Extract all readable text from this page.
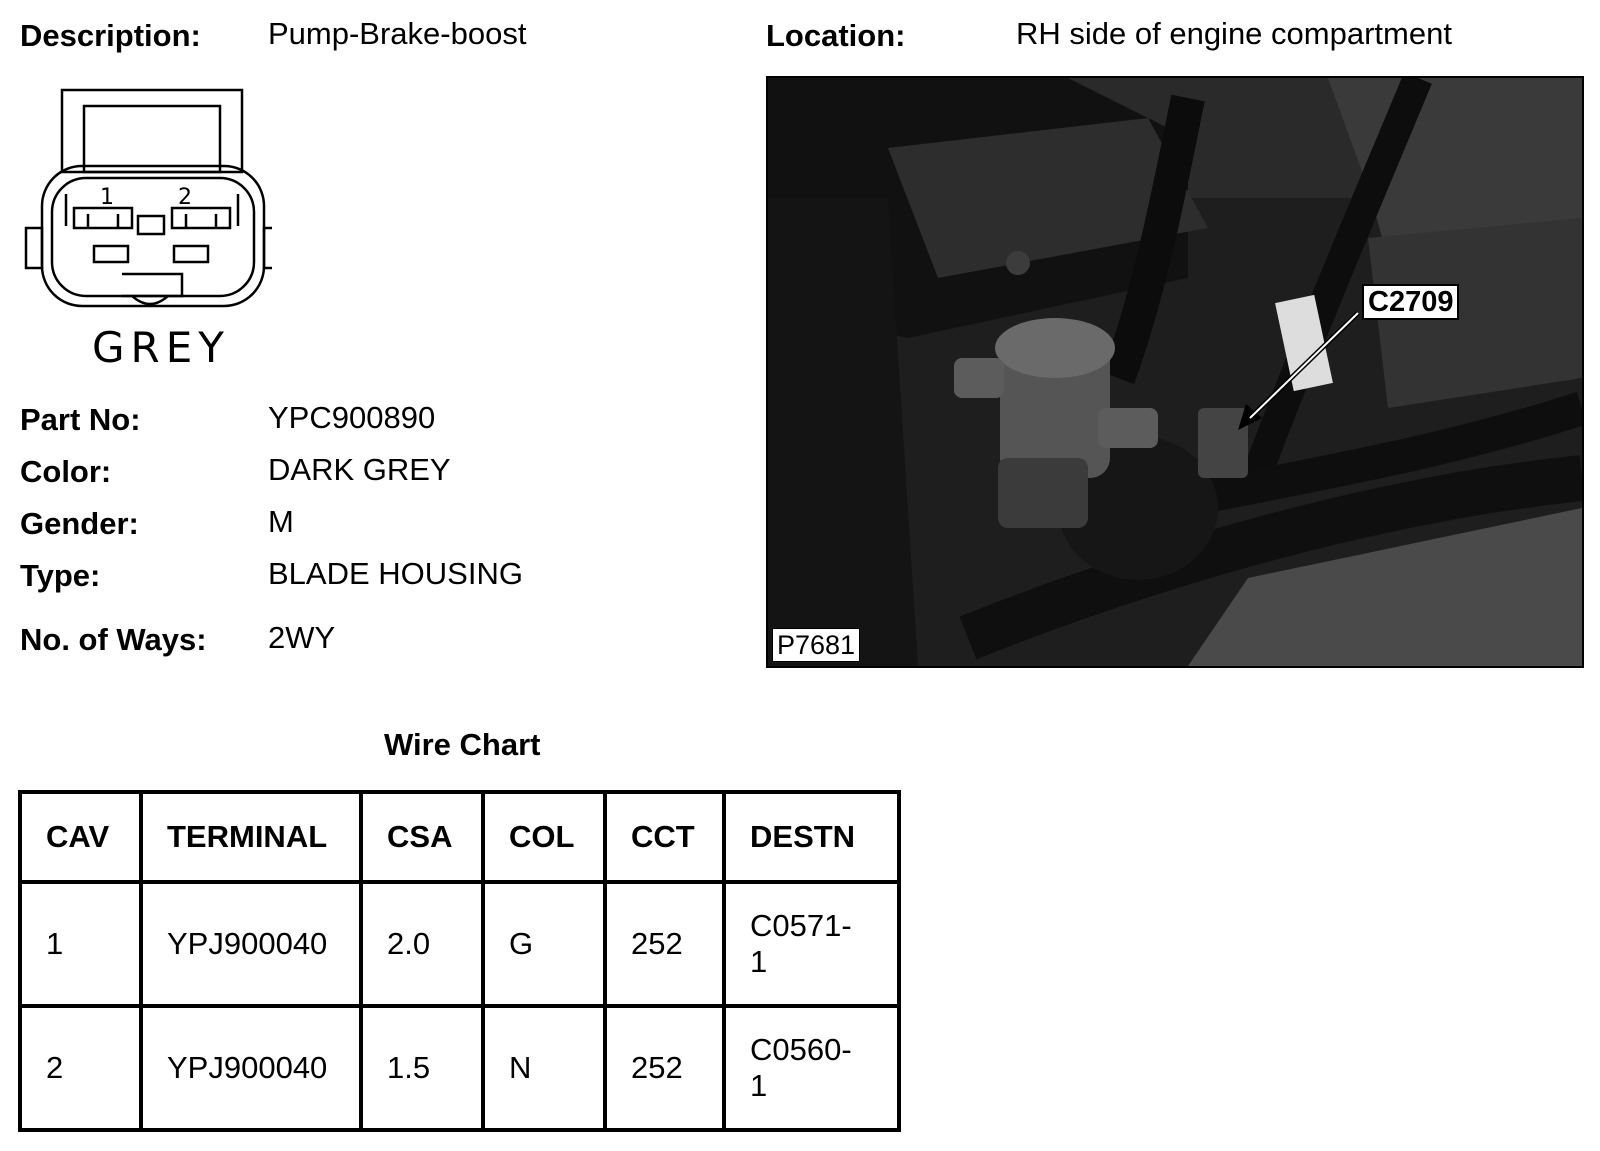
Description: Pump-Brake-boost	Location:	RH side of engine compartment
1	2
GREY
Part No:	YPC900890
Color:	DARK GREY
Gender:	M
Type:	BLADE HOUSING
No. of Ways: 2WY
C2709
P7681
Wire Chart
CAV	TERMINAL	CSA	COL	CCT	DESTN
1	YPJ900040	2.0	G	252	C0571-
1
2	YPJ900040	1.5	N	252	C0560-
1
